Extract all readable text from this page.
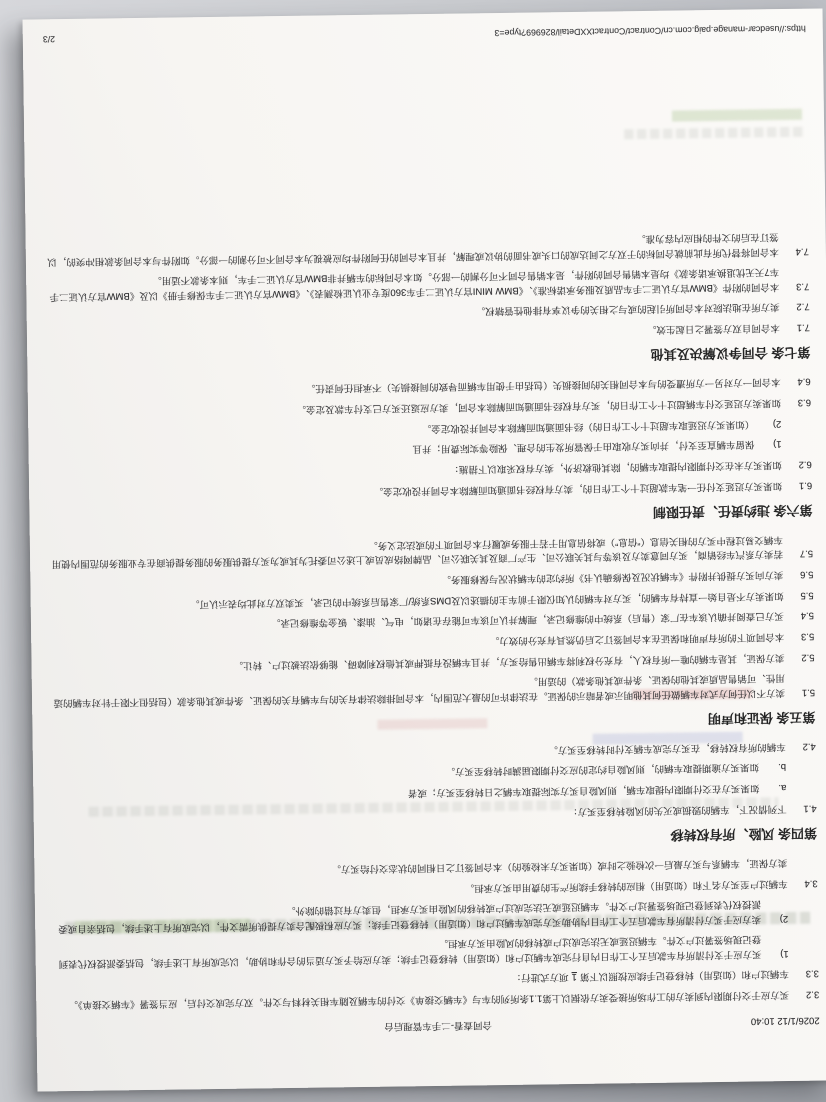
2026/1/12 10:40
合同查看-二手车管理后台
3.2
买方应于交付期限内到卖方的工作场所接受卖方依据以上第1.1条所列的车与《车辆交接单》交付的车辆及随车相关材料与文件。双方完成交付后，应当签署《车辆交接单》。
3.3
车辆过户和（如适用）转移登记手续应按照以下第1项方式进行：
1)
买方应于支付清所有车款后五个工作日内自行完成车辆过户和（如适用）转移登记手续；卖方应给予买方适当的合作和协助，以完成所有上述手续，包括委派授权代表到登记现场签署过户文件。车辆迟延或无法完成过户或转移的风险由买方承担。
2)
卖方应于买方付清所有车款后五个工作日内协助买方完成车辆过户和（如适用）转移登记手续；买方应积极配合卖方提供所需文件，以完成所有上述手续，包括亲自或委派授权代表到登记现场签署过户文件。车辆迟延或无法完成过户或转移的风险由买方承担，但卖方有过错的除外。
3.4
车辆过户至买方名下和（如适用）相应的转移手续所产生的费用由买方承担。
卖方保证，车辆系与买方最后一次检验之时或（如果买方未检验的）本合同签订之日相同的状态交付给买方。
第四条 风险、所有权转移
4.1
下列情况下，车辆的毁损或灭失的风险转移至买方：
a.
如果买方在交付期限内提取车辆，则风险自买方实际提取车辆之日转移至买方；或者
b.
如果买方逾期提取车辆的，则风险自约定的应交付期限届满时转移至买方。
4.2
车辆的所有权转移，在买方完成车辆支付时转移至买方。
第五条 保证和声明
5.1
卖方不以任何方式对车辆做任何其他明示或者暗示的保证。在法律许可的最大范围内，本合同排除法律有关的与车辆有关的保证、条件或其他条款（包括但不限于针对车辆的适用性、可销售品质或其他的保证、条件或其他条款）的适用。
5.2
卖方保证，其是车辆的唯一所有权人，有充分权利将车辆出售给买方，并且车辆没有抵押或其他权利障碍、能够依法被过户、转让。
5.3
本合同项下的所有声明和保证在本合同签订之后仍然具有充分的效力。
5.4
买方已查阅并确认该车在厂家（售后）系统中的维修记录，理解并认可该车可能存在诸如，电气、油漆、钣金等维修记录。
5.5
如果卖方不是自始一直持有车辆的，买方对车辆的认知仅限于前车主的描述以及DMS系统/厂家售后系统中的记录，买卖双方对此均表示认可。
5.6
卖方向买方提供并附件《车辆状况及保修确认书》所约定的车辆状况与保修服务。
5.7
若卖方系汽车经销商，买方同意卖方及该等与其关联公司、生产厂商及其关联公司、品牌网络成员或上述公司委托为其或为买方提供服务的服务提供商在专业服务的范围内使用车辆交易过程中买方的相关信息（“信息”）或将信息用于若干服务或履行本合同项下的或法定义务。
第六条 违约责任、责任限制
6.1
如果买方迟延支付任一笔车款超过十个工作日的，卖方有权经书面通知而解除本合同并没收定金。
6.2
如果买方未在交付期限内提取车辆的，除其他救济外，卖方有权采取以下措施：
1)
保留车辆直至支付，并向买方收取由于保管所发生的合理、保险等实际费用；并且
2)
（如果买方迟延取车超过十个工作日的）经书面通知而解除本合同并没收定金。
6.3
如果卖方迟延交付车辆超过十个工作日的，买方有权经书面通知而解除本合同，卖方应返还买方已支付车款及定金。
6.4
本合同一方对另一方所遭受的与本合同相关的间接损失（包括由于使用车辆而导致的间接损失）不承担任何责任。
第七条 合同争议解决及其他
7.1
本合同自双方签署之日起生效。
7.2
卖方所在地法院对本合同所引起的或与之相关的争议享有排他性管辖权。
7.3
本合同的附件《BMW官方认证二手车品质及服务承诺标准》、《BMW MINI官方认证二手车360度专业认证检测表》、《BMW官方认证二手车保修手册》以及《BMW官方认证二手车7天无忧退换承诺条款》均是本销售合同的附件，是本销售合同不可分割的一部分。如本合同标的车辆并非BMW官方认证二手车，则本条款不适用。
7.4
本合同将替代所有此前就合同标的于双方之间达成的口头或书面的协议或理解，并且本合同的任何附件均应被视为本合同不可分割的一部分。如附件与本合同条款相冲突的，以签订在后的文件的相应内容为准。
https://usedcar-manage.paig.com.cn/Contract/ContractXXDetail/826969?type=3
2/3
